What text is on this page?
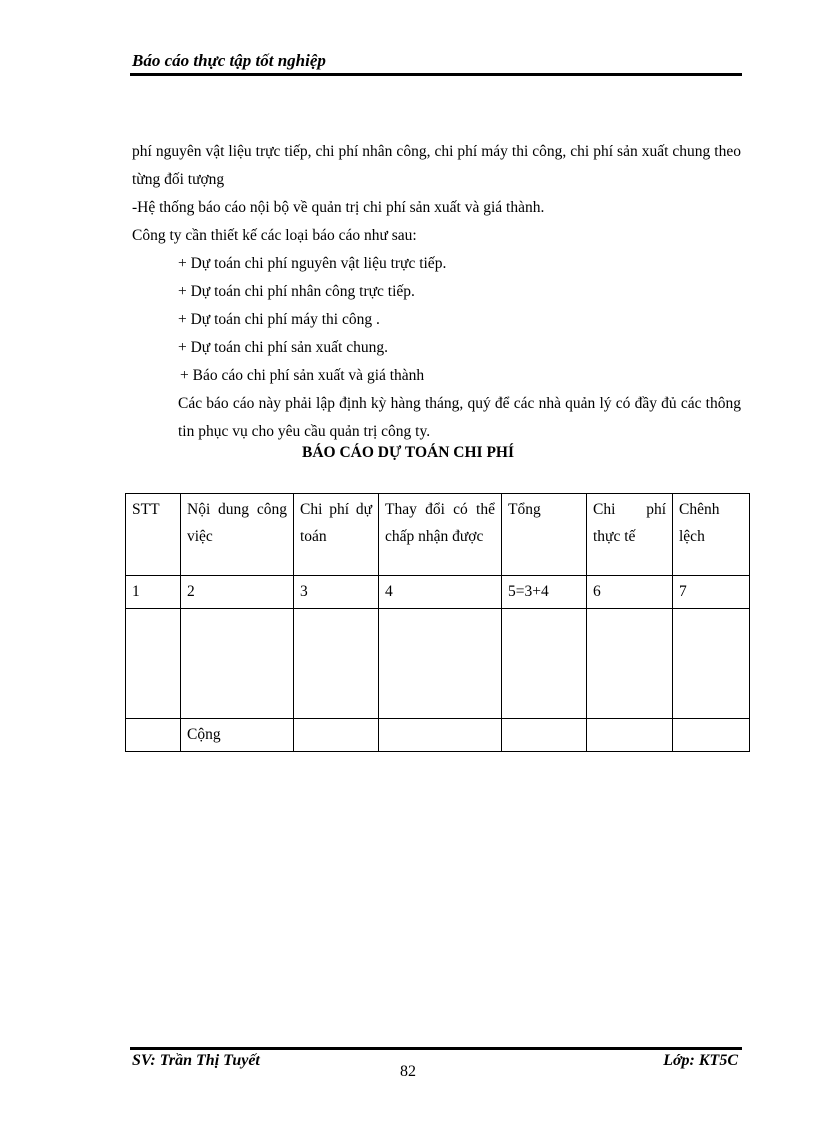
Báo cáo thực tập tốt nghiệp

phí nguyên vật liệu trực tiếp, chi phí nhân công, chi phí máy thi công, chi phí sản xuất chung theo từng đối tượng

-Hệ thống báo cáo nội bộ về quản trị chi phí sản xuất và giá thành.

Công ty cần thiết kế các loại báo cáo như sau:

+ Dự toán chi phí nguyên vật liệu trực tiếp.

+ Dự toán chi phí nhân công trực tiếp.

+ Dự toán chi phí máy thi công .

+ Dự toán chi phí sản xuất chung.

+ Báo cáo chi phí sản xuất và giá thành

Các báo cáo này phải lập định kỳ hàng tháng, quý để các nhà quản lý có đầy đủ các thông tin phục vụ cho yêu cầu quản trị công ty.

BÁO CÁO DỰ TOÁN CHI PHÍ
STT	Nội dung công việc	Chi phí dự toán	Thay đổi có thể chấp nhận được	Tổng	Chi phí thực tế	Chênh lệch
1	2	3	4	5=3+4	6	7

	Cộng					
SV: Trần Thị Tuyết
82
Lớp: KT5C
